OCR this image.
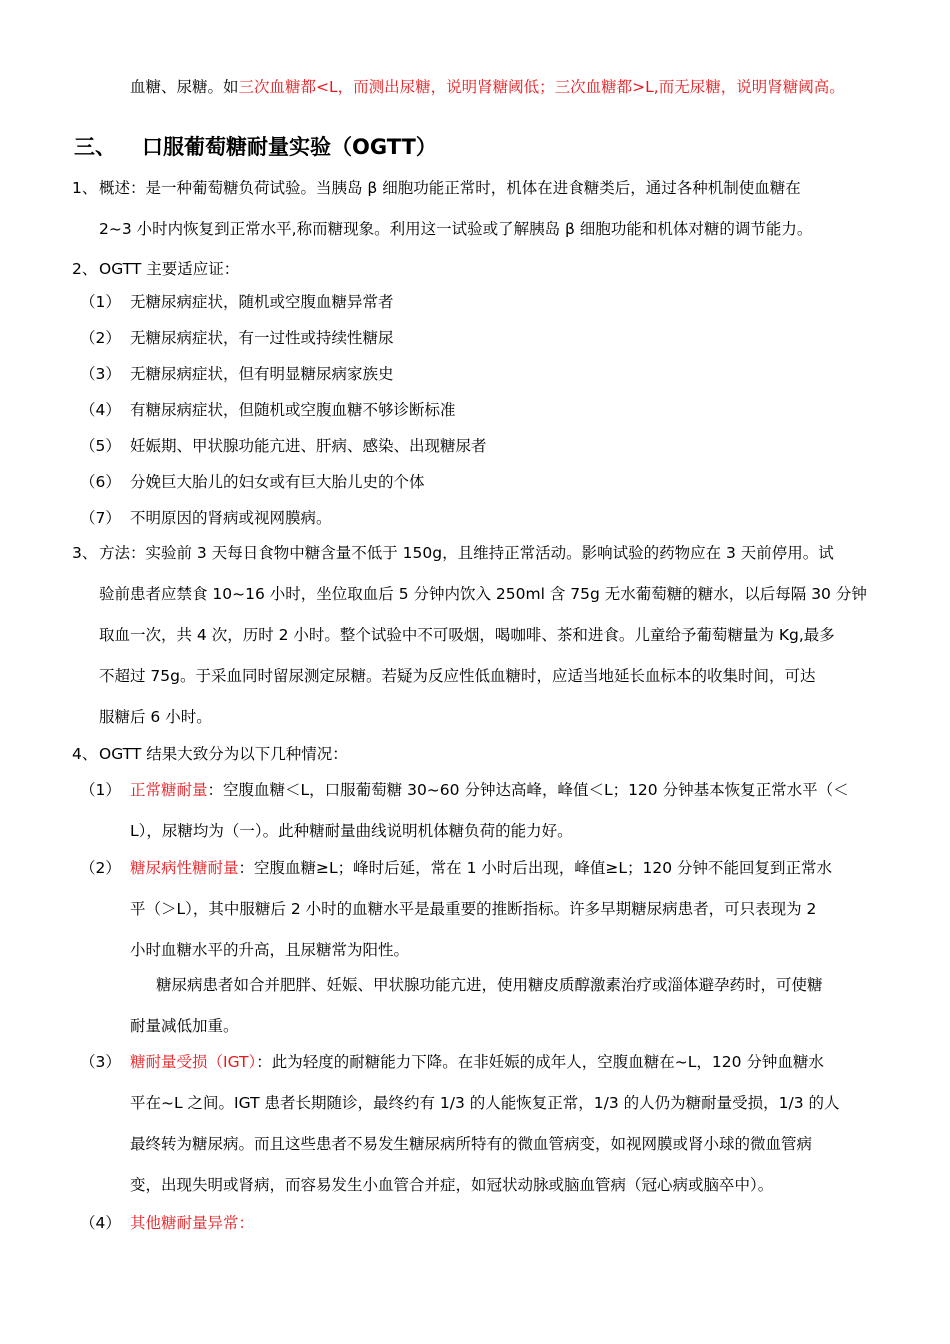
血糖、尿糖。如三次血糖都<L，而测出尿糖，说明肾糖阈低；三次血糖都>L,而无尿糖，说明肾糖阈高。
三、 口服葡萄糖耐量实验（OGTT）
1、 概述：是一种葡萄糖负荷试验。当胰岛 β 细胞功能正常时，机体在进食糖类后，通过各种机制使血糖在
2~3 小时内恢复到正常水平,称而糖现象。利用这一试验或了解胰岛 β 细胞功能和机体对糖的调节能力。
2、 OGTT 主要适应证：
（1） 无糖尿病症状，随机或空腹血糖异常者
（2） 无糖尿病症状，有一过性或持续性糖尿
（3） 无糖尿病症状，但有明显糖尿病家族史
（4） 有糖尿病症状，但随机或空腹血糖不够诊断标准
（5） 妊娠期、甲状腺功能亢进、肝病、感染、出现糖尿者
（6） 分娩巨大胎儿的妇女或有巨大胎儿史的个体
（7） 不明原因的肾病或视网膜病。
3、 方法：实验前 3 天每日食物中糖含量不低于 150g，且维持正常活动。影响试验的药物应在 3 天前停用。试
验前患者应禁食 10~16 小时，坐位取血后 5 分钟内饮入 250ml 含 75g 无水葡萄糖的糖水，以后每隔 30 分钟
取血一次，共 4 次，历时 2 小时。整个试验中不可吸烟，喝咖啡、茶和进食。儿童给予葡萄糖量为 Kg,最多
不超过 75g。于采血同时留尿测定尿糖。若疑为反应性低血糖时，应适当地延长血标本的收集时间，可达
服糖后 6 小时。
4、 OGTT 结果大致分为以下几种情况：
（1） 正常糖耐量：空腹血糖＜L，口服葡萄糖 30~60 分钟达高峰，峰值＜L；120 分钟基本恢复正常水平（＜
L），尿糖均为（一）。此种糖耐量曲线说明机体糖负荷的能力好。
（2） 糖尿病性糖耐量：空腹血糖≥L；峰时后延，常在 1 小时后出现，峰值≥L；120 分钟不能回复到正常水
平（＞L），其中服糖后 2 小时的血糖水平是最重要的推断指标。许多早期糖尿病患者，可只表现为 2
小时血糖水平的升高，且尿糖常为阳性。
糖尿病患者如合并肥胖、妊娠、甲状腺功能亢进，使用糖皮质醇激素治疗或淄体避孕药时，可使糖
耐量减低加重。
（3） 糖耐量受损（IGT）：此为轻度的耐糖能力下降。在非妊娠的成年人，空腹血糖在~L，120 分钟血糖水
平在~L 之间。IGT 患者长期随诊，最终约有 1/3 的人能恢复正常，1/3 的人仍为糖耐量受损，1/3 的人
最终转为糖尿病。而且这些患者不易发生糖尿病所特有的微血管病变，如视网膜或肾小球的微血管病
变，出现失明或肾病，而容易发生小血管合并症，如冠状动脉或脑血管病（冠心病或脑卒中）。
（4） 其他糖耐量异常：
